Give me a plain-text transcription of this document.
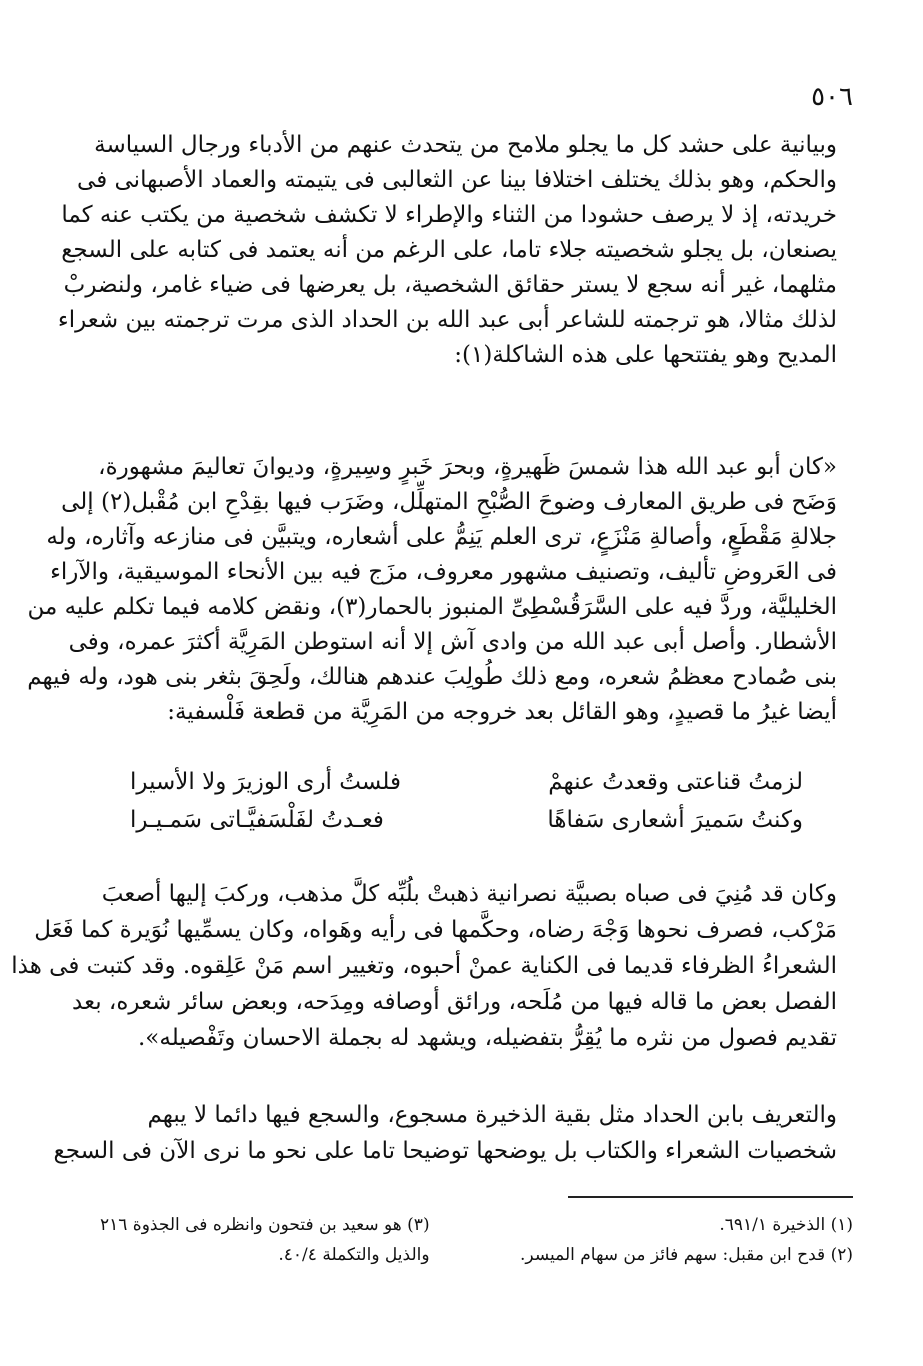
٥٠٦
وبيانية على حشد كل ما يجلو ملامح من يتحدث عنهم من الأدباء ورجال السياسة
والحكم، وهو بذلك يختلف اختلافا بينا عن الثعالبى فى يتيمته والعماد الأصبهانى فى
خريدته، إذ لا يرصف حشودا من الثناء والإطراء لا تكشف شخصية من يكتب عنه كما
يصنعان، بل يجلو شخصيته جلاء تاما، على الرغم من أنه يعتمد فى كتابه على السجع
مثلهما، غير أنه سجع لا يستر حقائق الشخصية، بل يعرضها فى ضياء غامر، ولنضربْ
لذلك مثالا، هو ترجمته للشاعر أبى عبد الله بن الحداد الذى مرت ترجمته بين شعراء
المديح وهو يفتتحها على هذه الشاكلة(١):
«كان أبو عبد الله هذا شمسَ ظَهيرةٍ، وبحرَ خَبرٍ وسِيرةٍ، وديوانَ تعاليمَ مشهورة،
وَضَح فى طريق المعارف وضوحَ الصُّبْحِ المتهلِّل، وضَرَب فيها بقِدْحِ ابن مُقْبل(٢) إلى
جلالةِ مَقْطَعٍ، وأصالةِ مَنْزَعٍ، ترى العلم يَنِمُّ على أشعاره، ويتبيَّن فى منازعه وآثاره، وله
فى العَروضِ تأليف، وتصنيف مشهور معروف، مزَج فيه بين الأنحاء الموسيقية، والآراء
الخليليَّة، وردَّ فيه على السَّرَقُسْطِىِّ المنبوز بالحمار(٣)، ونقض كلامه فيما تكلم عليه من
الأشطار. وأصل أبى عبد الله من وادى آش إلا أنه استوطن المَرِيَّة أكثرَ عمره، وفى
بنى صُمادح معظمُ شعره، ومع ذلك طُولِبَ عندهم هنالك، ولَحِقَ بثغر بنى هود، وله فيهم
أيضا غيرُ ما قصيدٍ، وهو القائل بعد خروجه من المَرِيَّة من قطعة فَلْسفية:
لزمتُ قناعتى وقعدتُ عنهمْ
فلستُ أرى الوزيرَ ولا الأسيرا
وكنتُ سَميرَ أشعارى سَفاهًا
فعـدتُ لفَلْسَفيَّـاتى سَمـيـرا
وكان قد مُنِيَ فى صباه بصبيَّة نصرانية ذهبتْ بلُبِّه كلَّ مذهب، وركبَ إليها أصعبَ
مَرْكب، فصرف نحوها وَجْهَ رضاه، وحكَّمها فى رأيه وهَواه، وكان يسمِّيها نُوَيرة كما فَعَل
الشعراءُ الظرفاء قديما فى الكناية عمنْ أحبوه، وتغيير اسم مَنْ عَلِقوه. وقد كتبت فى هذا
الفصل بعض ما قاله فيها من مُلَحه، ورائق أوصافه ومِدَحه، وبعض سائر شعره، بعد
تقديم فصول من نثره ما يُقِرُّ بتفضيله، ويشهد له بجملة الاحسان وتَفْصيله».
والتعريف بابن الحداد مثل بقية الذخيرة مسجوع، والسجع فيها دائما لا يبهم
شخصيات الشعراء والكتاب بل يوضحها توضيحا تاما على نحو ما نرى الآن فى السجع
(١) الذخيرة ٦٩١/١.
(٢) قدح ابن مقبل: سهم فائز من سهام الميسر.
(٣) هو سعيد بن فتحون وانظره فى الجذوة ٢١٦
والذيل والتكملة ٤٠/٤.
